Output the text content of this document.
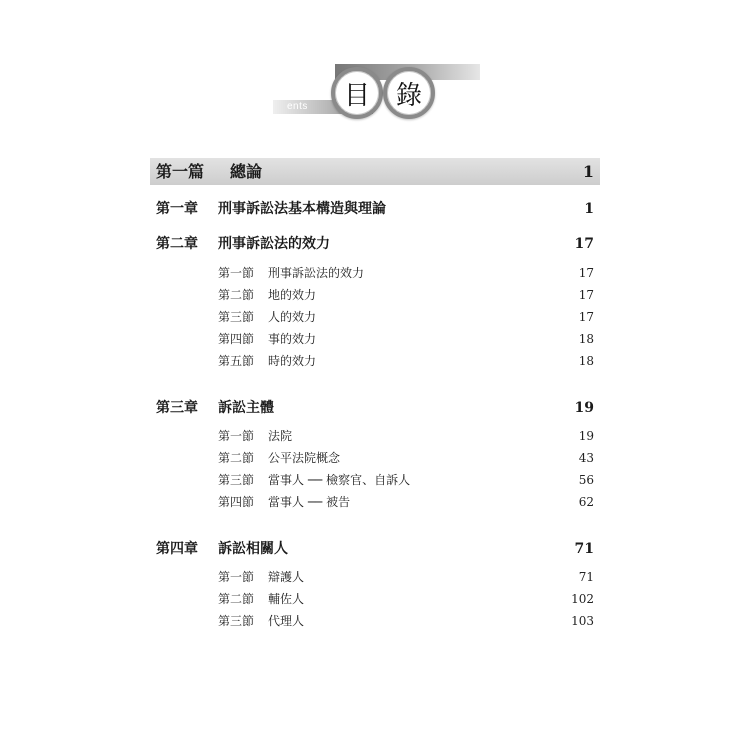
ents	目 錄
第一篇 總論	1
第一章 刑事訴訟法基本構造與理論	1
第二章 刑事訴訟法的效力	17
第一節 刑事訴訟法的效力	17
第二節 地的效力	17
第三節 人的效力	17
第四節 事的效力	18
第五節 時的效力	18
第三章 訴訟主體	19
第一節 法院	19
第二節 公平法院概念	43
第三節 當事人 ── 檢察官、自訴人	56
第四節 當事人 ── 被告	62
第四章 訴訟相關人	71
第一節 辯護人	71
第二節 輔佐人	102
第三節 代理人	103
